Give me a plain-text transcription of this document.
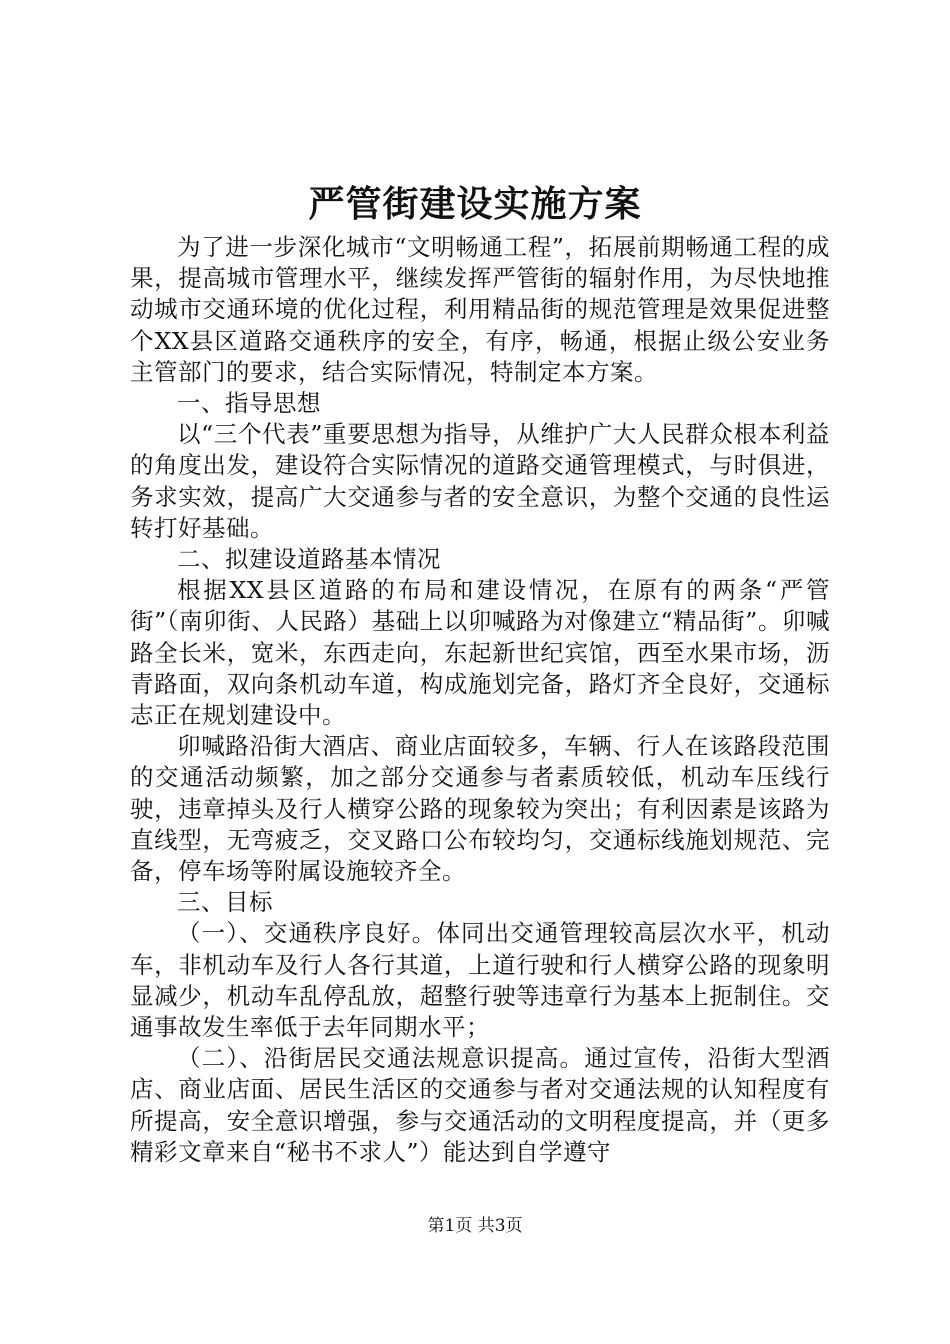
严管街建设实施方案

为了进一步深化城市“文明畅通工程”，拓展前期畅通工程的成果，提高城市管理水平，继续发挥严管街的辐射作用，为尽快地推动城市交通环境的优化过程，利用精品街的规范管理是效果促进整个XX县区道路交通秩序的安全，有序，畅通，根据止级公安业务主管部门的要求，结合实际情况，特制定本方案。

一、指导思想

以“三个代表”重要思想为指导，从维护广大人民群众根本利益的角度出发，建设符合实际情况的道路交通管理模式，与时俱进，务求实效，提高广大交通参与者的安全意识，为整个交通的良性运转打好基础。

二、拟建设道路基本情况

根据XX县区道路的布局和建设情况，在原有的两条“严管街”（南卯街、人民路）基础上以卯喊路为对像建立“精品街”。卯喊路全长米，宽米，东西走向，东起新世纪宾馆，西至水果市场，沥青路面，双向条机动车道，构成施划完备，路灯齐全良好，交通标志正在规划建设中。

卯喊路沿街大酒店、商业店面较多，车辆、行人在该路段范围的交通活动频繁，加之部分交通参与者素质较低，机动车压线行驶，违章掉头及行人横穿公路的现象较为突出；有利因素是该路为直线型，无弯疲乏，交叉路口公布较均匀，交通标线施划规范、完备，停车场等附属设施较齐全。

三、目标

（一）、交通秩序良好。体同出交通管理较高层次水平，机动车，非机动车及行人各行其道，上道行驶和行人横穿公路的现象明显减少，机动车乱停乱放，超整行驶等违章行为基本上扼制住。交通事故发生率低于去年同期水平；

（二）、沿街居民交通法规意识提高。通过宣传，沿街大型酒店、商业店面、居民生活区的交通参与者对交通法规的认知程度有所提高，安全意识增强，参与交通活动的文明程度提高，并（更多精彩文章来自“秘书不求人”）能达到自学遵守

第1页 共3页
